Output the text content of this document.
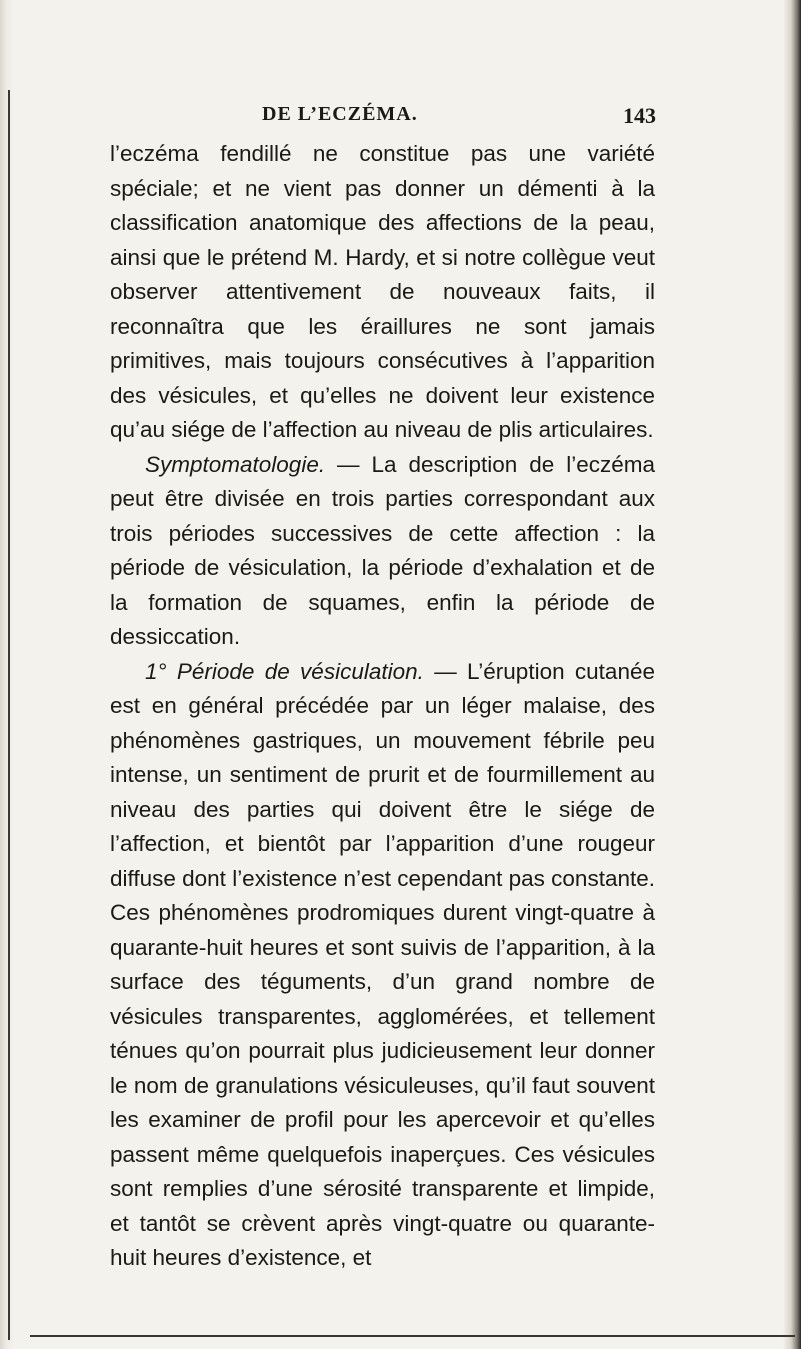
DE L’ECZÉMA.	143

l’eczéma fendillé ne constitue pas une variété spéciale; et ne vient pas donner un démenti à la classification anatomique des affections de la peau, ainsi que le prétend M. Hardy, et si notre collègue veut observer attentivement de nouveaux faits, il reconnaîtra que les éraillures ne sont jamais primitives, mais toujours consécutives à l’apparition des vésicules, et qu’elles ne doivent leur existence qu’au siége de l’affection au niveau de plis articulaires.

Symptomatologie. — La description de l’eczéma peut être divisée en trois parties correspondant aux trois périodes successives de cette affection : la période de vésiculation, la période d’exhalation et de la formation de squames, enfin la période de dessiccation.

1° Période de vésiculation. — L’éruption cutanée est en général précédée par un léger malaise, des phénomènes gastriques, un mouvement fébrile peu intense, un sentiment de prurit et de fourmillement au niveau des parties qui doivent être le siége de l’affection, et bientôt par l’apparition d’une rougeur diffuse dont l’existence n’est cependant pas constante. Ces phénomènes prodromiques durent vingt-quatre à quarante-huit heures et sont suivis de l’apparition, à la surface des téguments, d’un grand nombre de vésicules transparentes, agglomérées, et tellement ténues qu’on pourrait plus judicieusement leur donner le nom de granulations vésiculeuses, qu’il faut souvent les examiner de profil pour les apercevoir et qu’elles passent même quelquefois inaperçues. Ces vésicules sont remplies d’une sérosité transparente et limpide, et tantôt se crèvent après vingt-quatre ou quarante-huit heures d’existence, et
